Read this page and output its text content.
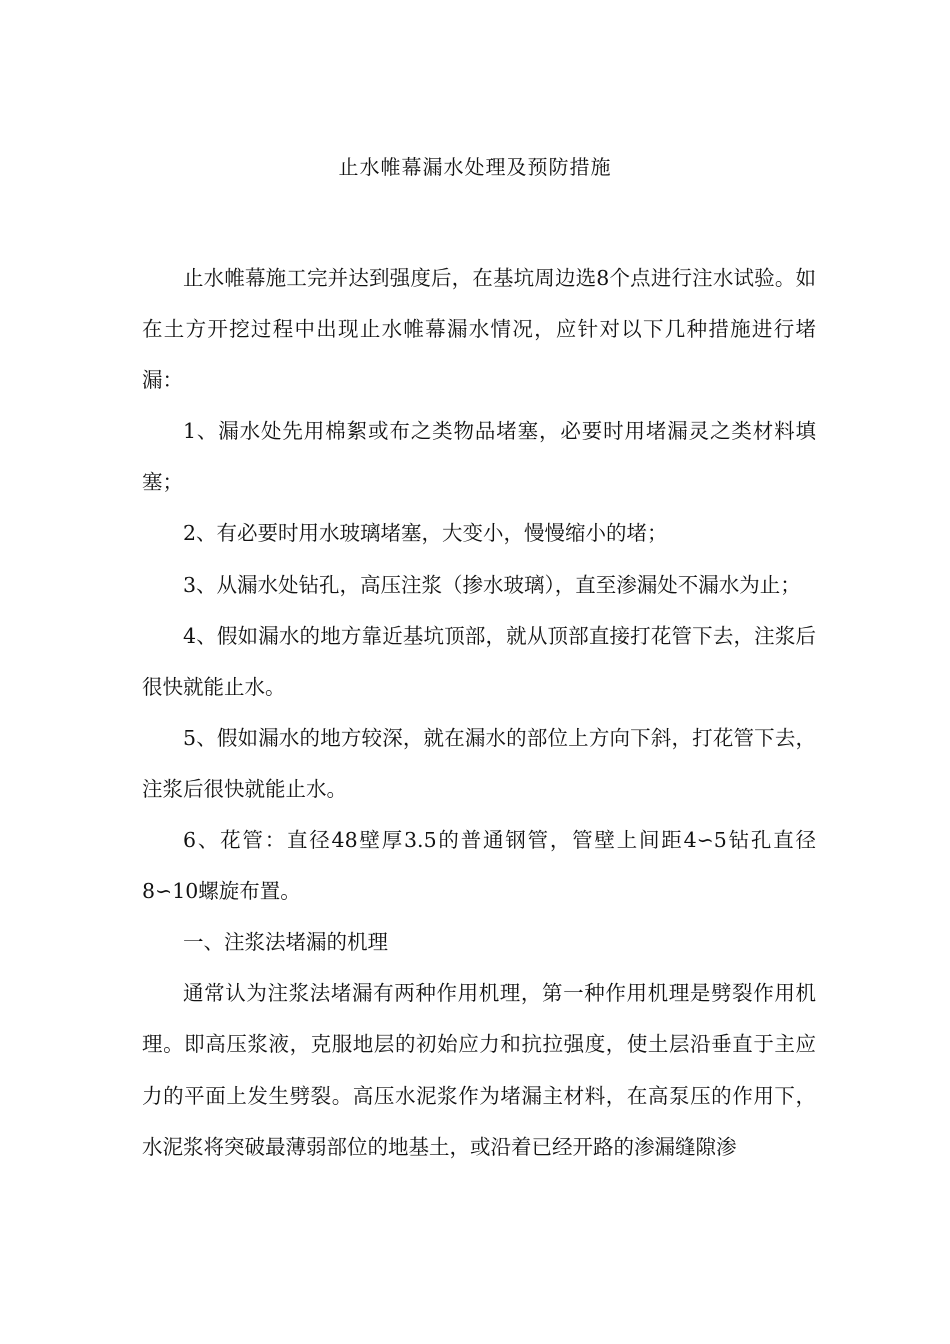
止水帷幕漏水处理及预防措施

止水帷幕施工完并达到强度后，在基坑周边选8个点进行注水试验。如在土方开挖过程中出现止水帷幕漏水情况，应针对以下几种措施进行堵漏：

1、漏水处先用棉絮或布之类物品堵塞，必要时用堵漏灵之类材料填塞；

2、有必要时用水玻璃堵塞，大变小，慢慢缩小的堵；

3、从漏水处钻孔，高压注浆（掺水玻璃），直至渗漏处不漏水为止；

4、假如漏水的地方靠近基坑顶部，就从顶部直接打花管下去，注浆后很快就能止水。

5、假如漏水的地方较深，就在漏水的部位上方向下斜，打花管下去，注浆后很快就能止水。

6、花管：直径48壁厚3.5的普通钢管，管壁上间距4∽5钻孔直径8∽10螺旋布置。

一、注浆法堵漏的机理

通常认为注浆法堵漏有两种作用机理，第一种作用机理是劈裂作用机理。即高压浆液，克服地层的初始应力和抗拉强度，使土层沿垂直于主应力的平面上发生劈裂。高压水泥浆作为堵漏主材料，在高泵压的作用下，水泥浆将突破最薄弱部位的地基土，或沿着已经开路的渗漏缝隙渗
